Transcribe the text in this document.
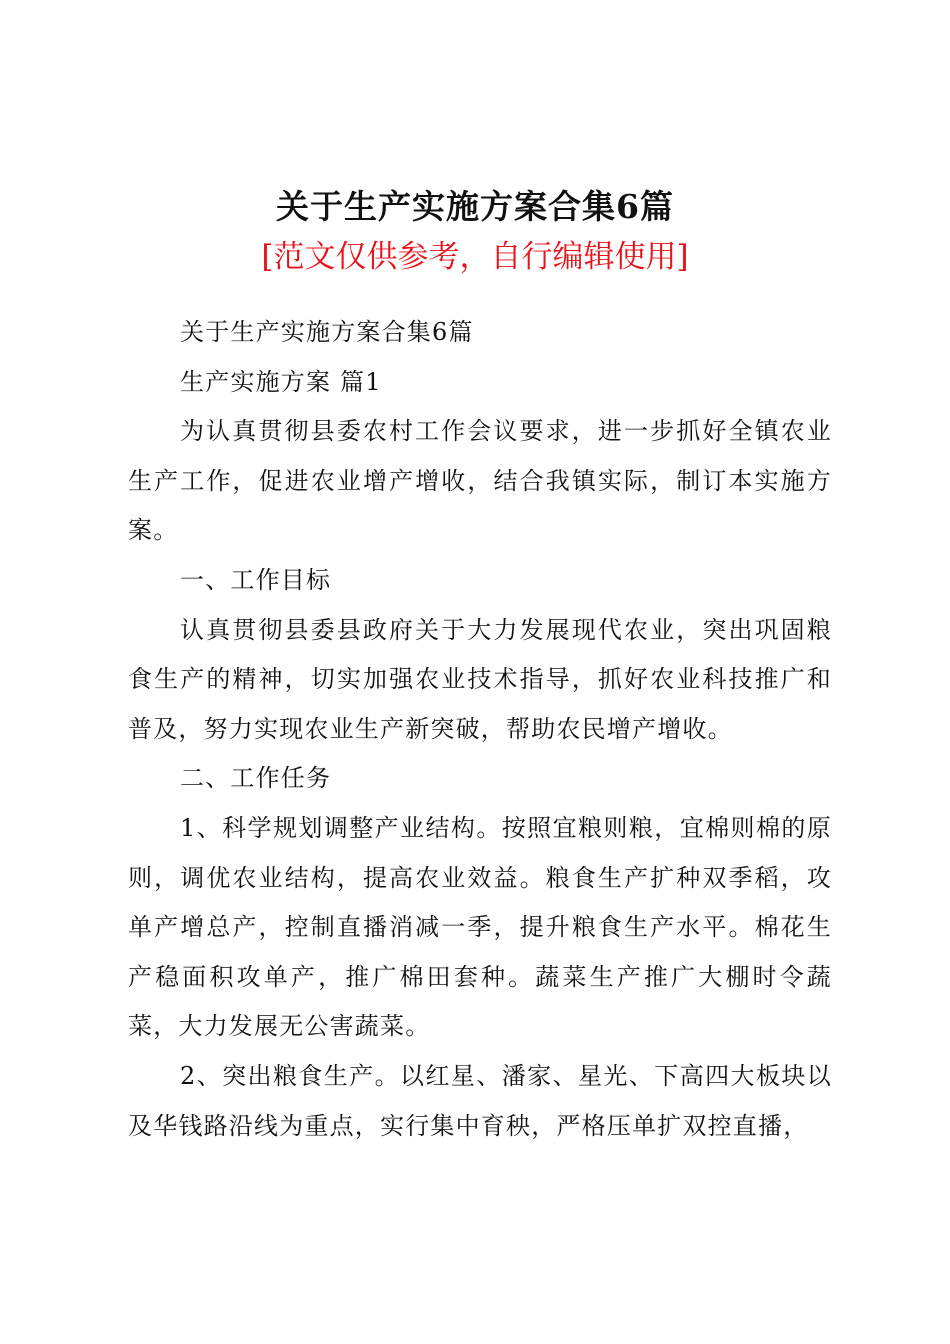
关于生产实施方案合集6篇
[范文仅供参考，自行编辑使用]

关于生产实施方案合集6篇

生产实施方案 篇1

为认真贯彻县委农村工作会议要求，进一步抓好全镇农业生产工作，促进农业增产增收，结合我镇实际，制订本实施方案。

一、工作目标

认真贯彻县委县政府关于大力发展现代农业，突出巩固粮食生产的精神，切实加强农业技术指导，抓好农业科技推广和普及，努力实现农业生产新突破，帮助农民增产增收。

二、工作任务

1、科学规划调整产业结构。按照宜粮则粮，宜棉则棉的原则，调优农业结构，提高农业效益。粮食生产扩种双季稻，攻单产增总产，控制直播消减一季，提升粮食生产水平。棉花生产稳面积攻单产，推广棉田套种。蔬菜生产推广大棚时令蔬菜，大力发展无公害蔬菜。

2、突出粮食生产。以红星、潘家、星光、下高四大板块以及华钱路沿线为重点，实行集中育秧，严格压单扩双控直播，
